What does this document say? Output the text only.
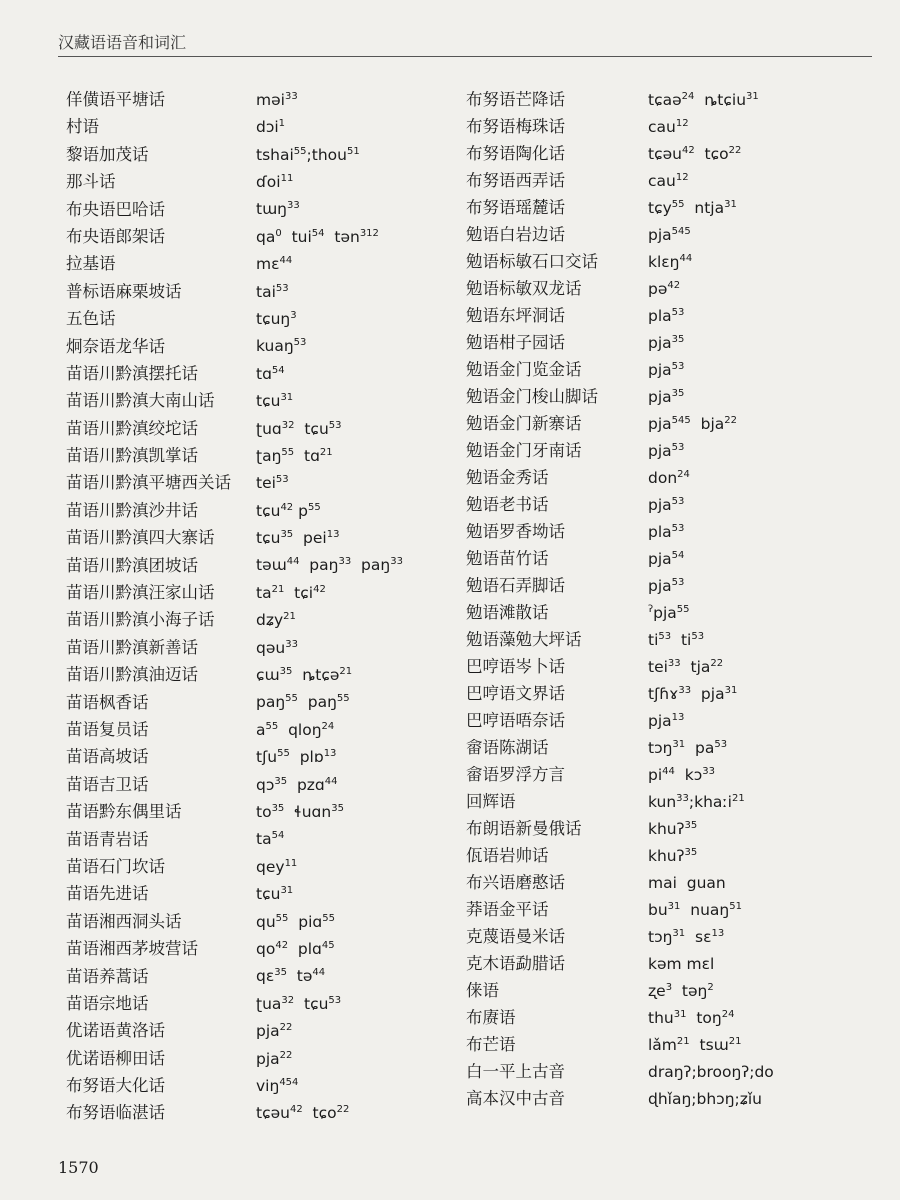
汉藏语语音和词汇
佯僙语平塘话	məi$^{33}$
村语	dɔi$^1$
黎语加茂话	tshai$^{55}$;thou$^{51}$
那斗话	ɗoi$^{11}$
布央语巴哈话	tɯŋ$^{33}$
布央语郎架话	$qa^0$  tui$^{54}$  tən$^{312}$
拉基语	mɛ$^{44}$
普标语麻栗坡话	tai$^{53}$
五色话	tɕuŋ$^3$
炯奈语龙华话	kuaŋ$^{53}$
苗语川黔滇摆托话	tɑ$^{54}$
苗语川黔滇大南山话	tɕu$^{31}$
苗语川黔滇绞坨话	ʈuɑ$^{32}$  tɕu$^{53}$
苗语川黔滇凯掌话	ʈaŋ$^{55}$  tɑ$^{21}$
苗语川黔滇平塘西关话	tei$^{53}$
苗语川黔滇沙井话	tɕu$^{42}$ $p^{55}$
苗语川黔滇四大寨话	tɕu$^{35}$  pei$^{13}$
苗语川黔滇团坡话	təɯ$^{44}$  paŋ$^{33}$  paŋ$^{33}$
苗语川黔滇汪家山话	$ta^{21}$  tɕi$^{42}$
苗语川黔滇小海子话	dʑy$^{21}$
苗语川黔滇新善话	qəu$^{33}$
苗语川黔滇油迈话	ɕɯ$^{35}$  ȵtɕə$^{21}$
苗语枫香话	paŋ$^{55}$  paŋ$^{55}$
苗语复员话	$a^{55}$  qloŋ$^{24}$
苗语高坡话	tʃu$^{55}$  plɒ$^{13}$
苗语吉卫话	qɔ$^{35}$  pzɑ$^{44}$
苗语黔东偶里话	$to^{35}$  ɬuɑn$^{35}$
苗语青岩话	$ta^{54}$
苗语石门坎话	qey$^{11}$
苗语先进话	tɕu$^{31}$
苗语湘西洞头话	$qu^{55}$  piɑ$^{55}$
苗语湘西茅坡营话	$qo^{42}$  plɑ$^{45}$
苗语养蒿话	qɛ$^{35}$  tə$^{44}$
苗语宗地话	ʈua$^{32}$  tɕu$^{53}$
优诺语黄洛话	pja$^{22}$
优诺语柳田话	pja$^{22}$
布努语大化话	viŋ$^{454}$
布努语临湛话	tɕəu$^{42}$  tɕo$^{22}$
布努语芒降话	tɕaə$^{24}$  ȵtɕiu$^{31}$
布努语梅珠话	cau$^{12}$
布努语陶化话	tɕəu$^{42}$  tɕo$^{22}$
布努语西弄话	cau$^{12}$
布努语瑶麓话	tɕy$^{55}$  ntja$^{31}$
勉语白岩边话	pja$^{545}$
勉语标敏石口交话	klɛŋ$^{44}$
勉语标敏双龙话	pə$^{42}$
勉语东坪洞话	pla$^{53}$
勉语柑子园话	pja$^{35}$
勉语金门览金话	pja$^{53}$
勉语金门梭山脚话	pja$^{35}$
勉语金门新寨话	pja$^{545}$  bja$^{22}$
勉语金门牙南话	pja$^{53}$
勉语金秀话	don$^{24}$
勉语老书话	pja$^{53}$
勉语罗香坳话	pla$^{53}$
勉语苗竹话	pja$^{54}$
勉语石弄脚话	pja$^{53}$
勉语滩散话	$^ʔ$pja$^{55}$
勉语藻勉大坪话	$ti^{53}$  $ti^{53}$
巴哼语岑卜话	tei$^{33}$  tja$^{22}$
巴哼语文界话	tʃɦɤ$^{33}$  pja$^{31}$
巴哼语唔奈话	pja$^{13}$
畲语陈湖话	tɔŋ$^{31}$  $pa^{53}$
畲语罗浮方言	$pi^{44}$  kɔ$^{33}$
回辉语	kun$^{33}$;khaːi$^{21}$
布朗语新曼俄话	khuʔ$^{35}$
佤语岩帅话	khuʔ$^{35}$
布兴语磨憨话	mai  guan
莽语金平话	$bu^{31}$  nuaŋ$^{51}$
克蔑语曼米话	tɔŋ$^{31}$  sɛ$^{13}$
克木语勐腊话	kəm mɛl
俫语	ʐe$^3$  təŋ$^2$
布赓语	thu$^{31}$  toŋ$^{24}$
布芒语	lǎm$^{21}$  tsɯ$^{21}$
白一平上古音	draŋʔ;brooŋʔ;do
高本汉中古音	ɖhǐaŋ;bhɔŋ;ʑǐu
1570
